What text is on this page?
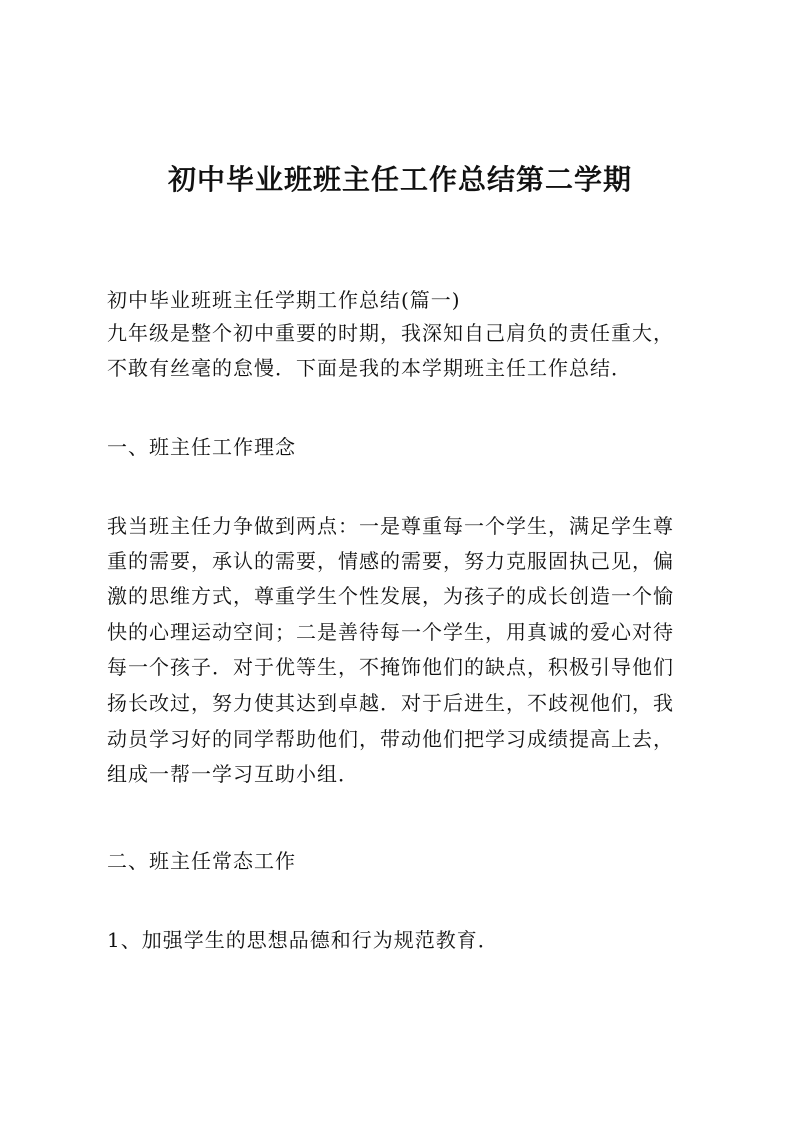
初中毕业班班主任工作总结第二学期
初中毕业班班主任学期工作总结(篇一)
九年级是整个初中重要的时期，我深知自己肩负的责任重大，
不敢有丝毫的怠慢．下面是我的本学期班主任工作总结．
一、班主任工作理念
我当班主任力争做到两点：一是尊重每一个学生，满足学生尊
重的需要，承认的需要，情感的需要，努力克服固执己见，偏
激的思维方式，尊重学生个性发展，为孩子的成长创造一个愉
快的心理运动空间；二是善待每一个学生，用真诚的爱心对待
每一个孩子．对于优等生，不掩饰他们的缺点，积极引导他们
扬长改过，努力使其达到卓越．对于后进生，不歧视他们，我
动员学习好的同学帮助他们，带动他们把学习成绩提高上去，
组成一帮一学习互助小组．
二、班主任常态工作
1、加强学生的思想品德和行为规范教育．
